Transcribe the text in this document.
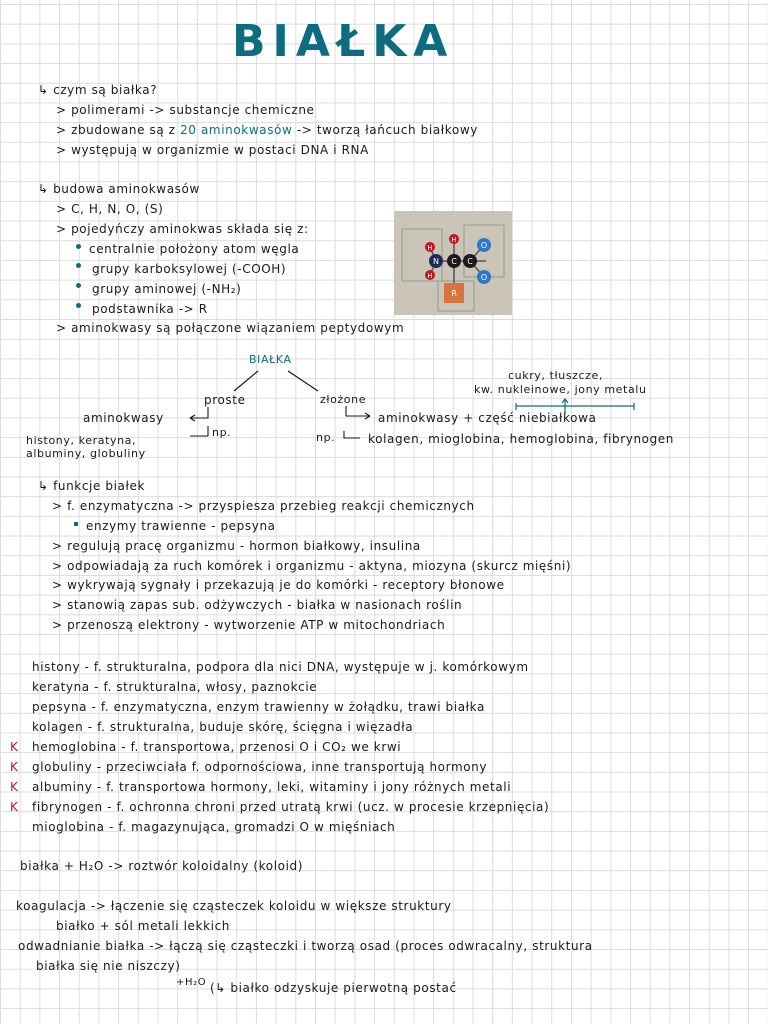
BIAŁKA
↳ czym są białka?
> polimerami -> substancje chemiczne
> zbudowane są z 20 aminokwasów -> tworzą łańcuch białkowy
> występują w organizmie w postaci DNA i RNA
↳ budowa aminokwasów
> C, H, N, O, (S)
> pojedyńczy aminokwas składa się z:
centralnie położony atom węgla
grupy karboksylowej (-COOH)
grupy aminowej (-NH₂)
podstawnika -> R
> aminokwasy są połączone wiązaniem peptydowym
H
H
O
N C C
O
H
R
BIAŁKA
proste	złożone
aminokwasy
np.
histony, keratyna,
albuminy, globuliny
aminokwasy + część niebiałkowa
cukry, tłuszcze,
kw. nukleinowe, jony metalu
np.	kolagen, mioglobina, hemoglobina, fibrynogen
↳ funkcje białek
> f. enzymatyczna -> przyspiesza przebieg reakcji chemicznych
enzymy trawienne - pepsyna
> regulują pracę organizmu - hormon białkowy, insulina
> odpowiadają za ruch komórek i organizmu - aktyna, miozyna (skurcz mięśni)
> wykrywają sygnały i przekazują je do komórki - receptory błonowe
> stanowią zapas sub. odżywczych - białka w nasionach roślin
> przenoszą elektrony - wytworzenie ATP w mitochondriach
histony - f. strukturalna, podpora dla nici DNA, występuje w j. komórkowym
keratyna - f. strukturalna, włosy, paznokcie
pepsyna - f. enzymatyczna, enzym trawienny w żołądku, trawi białka
kolagen - f. strukturalna, buduje skórę, ścięgna i więzadła
hemoglobina - f. transportowa, przenosi O i CO₂ we krwi
K
globuliny - przeciwciała f. odpornościowa, inne transportują hormony
K
albuminy - f. transportowa hormony, leki, witaminy i jony różnych metali
K
fibrynogen - f. ochronna chroni przed utratą krwi (ucz. w procesie krzepnięcia)
K
mioglobina - f. magazynująca, gromadzi O w mięśniach
białka + H₂O -> roztwór koloidalny (koloid)
koagulacja -> łączenie się cząsteczek koloidu w większe struktury
białko + sól metali lekkich
odwadnianie białka -> łączą się cząsteczki i tworzą osad (proces odwracalny, struktura
białka się nie niszczy)
+H₂O (↳ białko odzyskuje pierwotną postać
